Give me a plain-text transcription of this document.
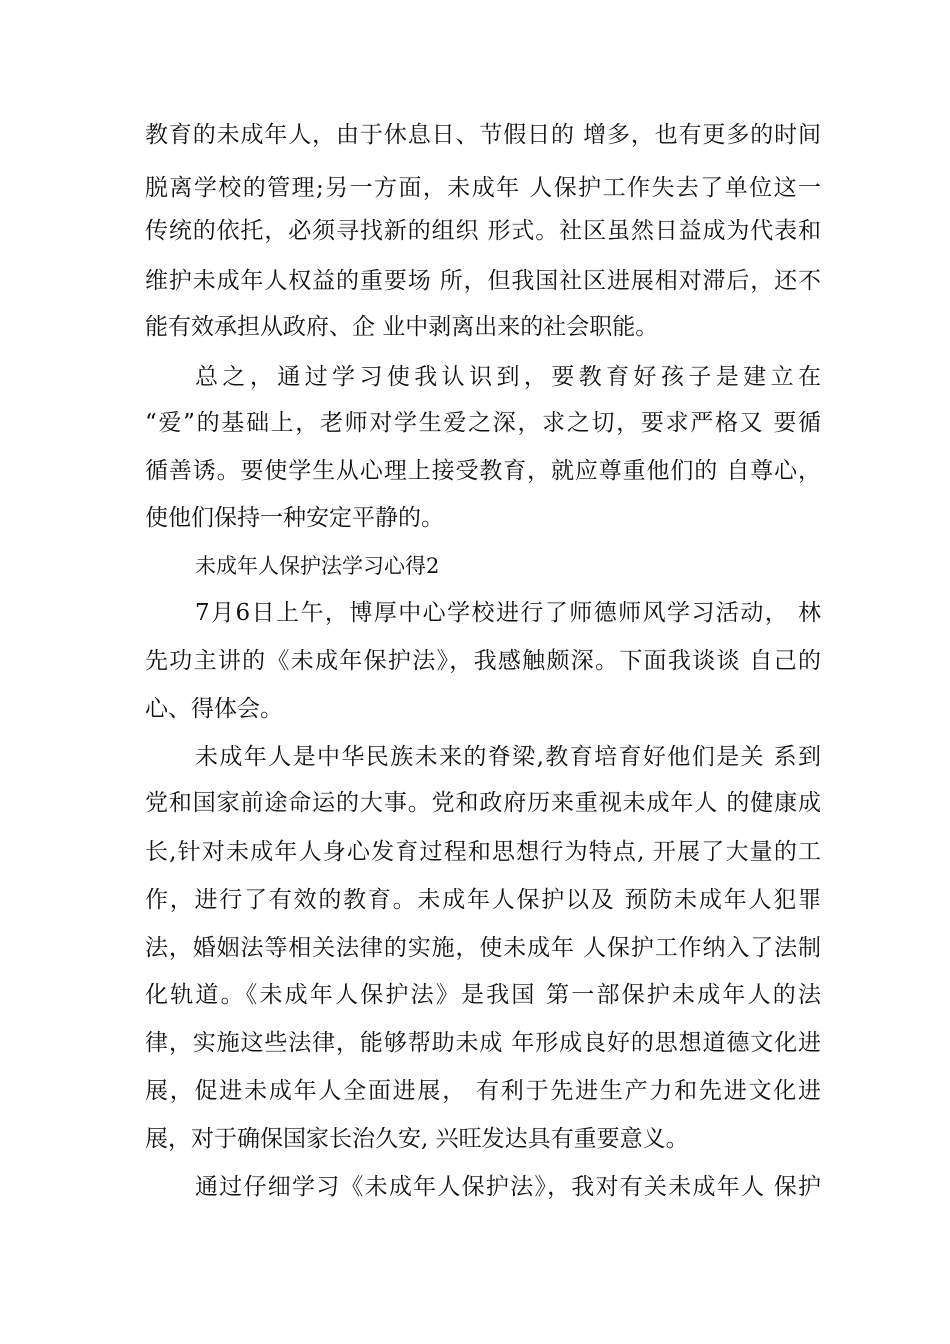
教育的未成年人，由于休息日、节假日的 增多，也有更多的时间
脱离学校的管理;另一方面，未成年 人保护工作失去了单位这一
传统的依托，必须寻找新的组织 形式。社区虽然日益成为代表和
维护未成年人权益的重要场 所，但我国社区进展相对滞后，还不
能有效承担从政府、企 业中剥离出来的社会职能。
总之，通过学习使我认识到，要教育好孩子是建立在
“爱”的基础上，老师对学生爱之深，求之切，要求严格又 要循
循善诱。要使学生从心理上接受教育，就应尊重他们的 自尊心，
使他们保持一种安定平静的。
未成年人保护法学习心得2
7月6日上午，博厚中心学校进行了师德师风学习活动， 林
先功主讲的《未成年保护法》，我感触颇深。下面我谈谈 自己的
心、得体会。
未成年人是中华民族未来的脊梁,教育培育好他们是关 系到
党和国家前途命运的大事。党和政府历来重视未成年人 的健康成
长,针对未成年人身心发育过程和思想行为特点, 开展了大量的工
作，进行了有效的教育。未成年人保护以及 预防未成年人犯罪
法，婚姻法等相关法律的实施，使未成年 人保护工作纳入了法制
化轨道。《未成年人保护法》是我国 第一部保护未成年人的法
律，实施这些法律，能够帮助未成 年形成良好的思想道德文化进
展，促进未成年人全面进展， 有利于先进生产力和先进文化进
展，对于确保国家长治久安, 兴旺发达具有重要意义。
通过仔细学习《未成年人保护法》，我对有关未成年人 保护
